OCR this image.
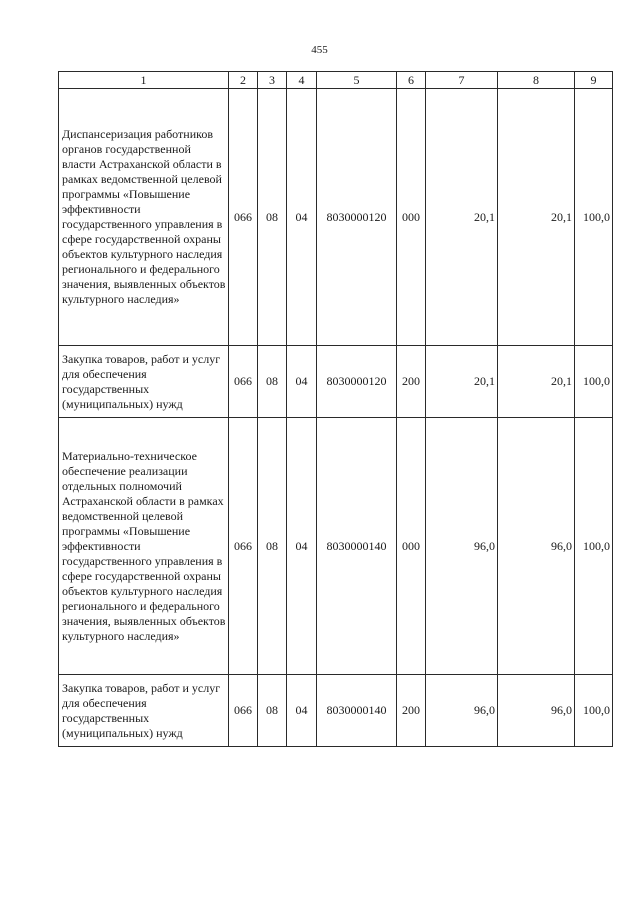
455
1	2	3	4	5	6	7	8	9
Диспансеризация работников органов государственной власти Астраханской области в рамках ведомственной целевой программы «Повышение эффективности государственного управления в сфере государственной охраны объектов культурного наследия регионального и федерального значения, выявленных объектов культурного наследия»	066	08	04	8030000120	000	20,1	20,1	100,0
Закупка товаров, работ и услуг для обеспечения государственных (муниципальных) нужд	066	08	04	8030000120	200	20,1	20,1	100,0
Материально-техническое обеспечение реализации отдельных полномочий Астраханской области в рамках ведомственной целевой программы «Повышение эффективности государственного управления в сфере государственной охраны объектов культурного наследия регионального и федерального значения, выявленных объектов культурного наследия»	066	08	04	8030000140	000	96,0	96,0	100,0
Закупка товаров, работ и услуг для обеспечения государственных (муниципальных) нужд	066	08	04	8030000140	200	96,0	96,0	100,0
